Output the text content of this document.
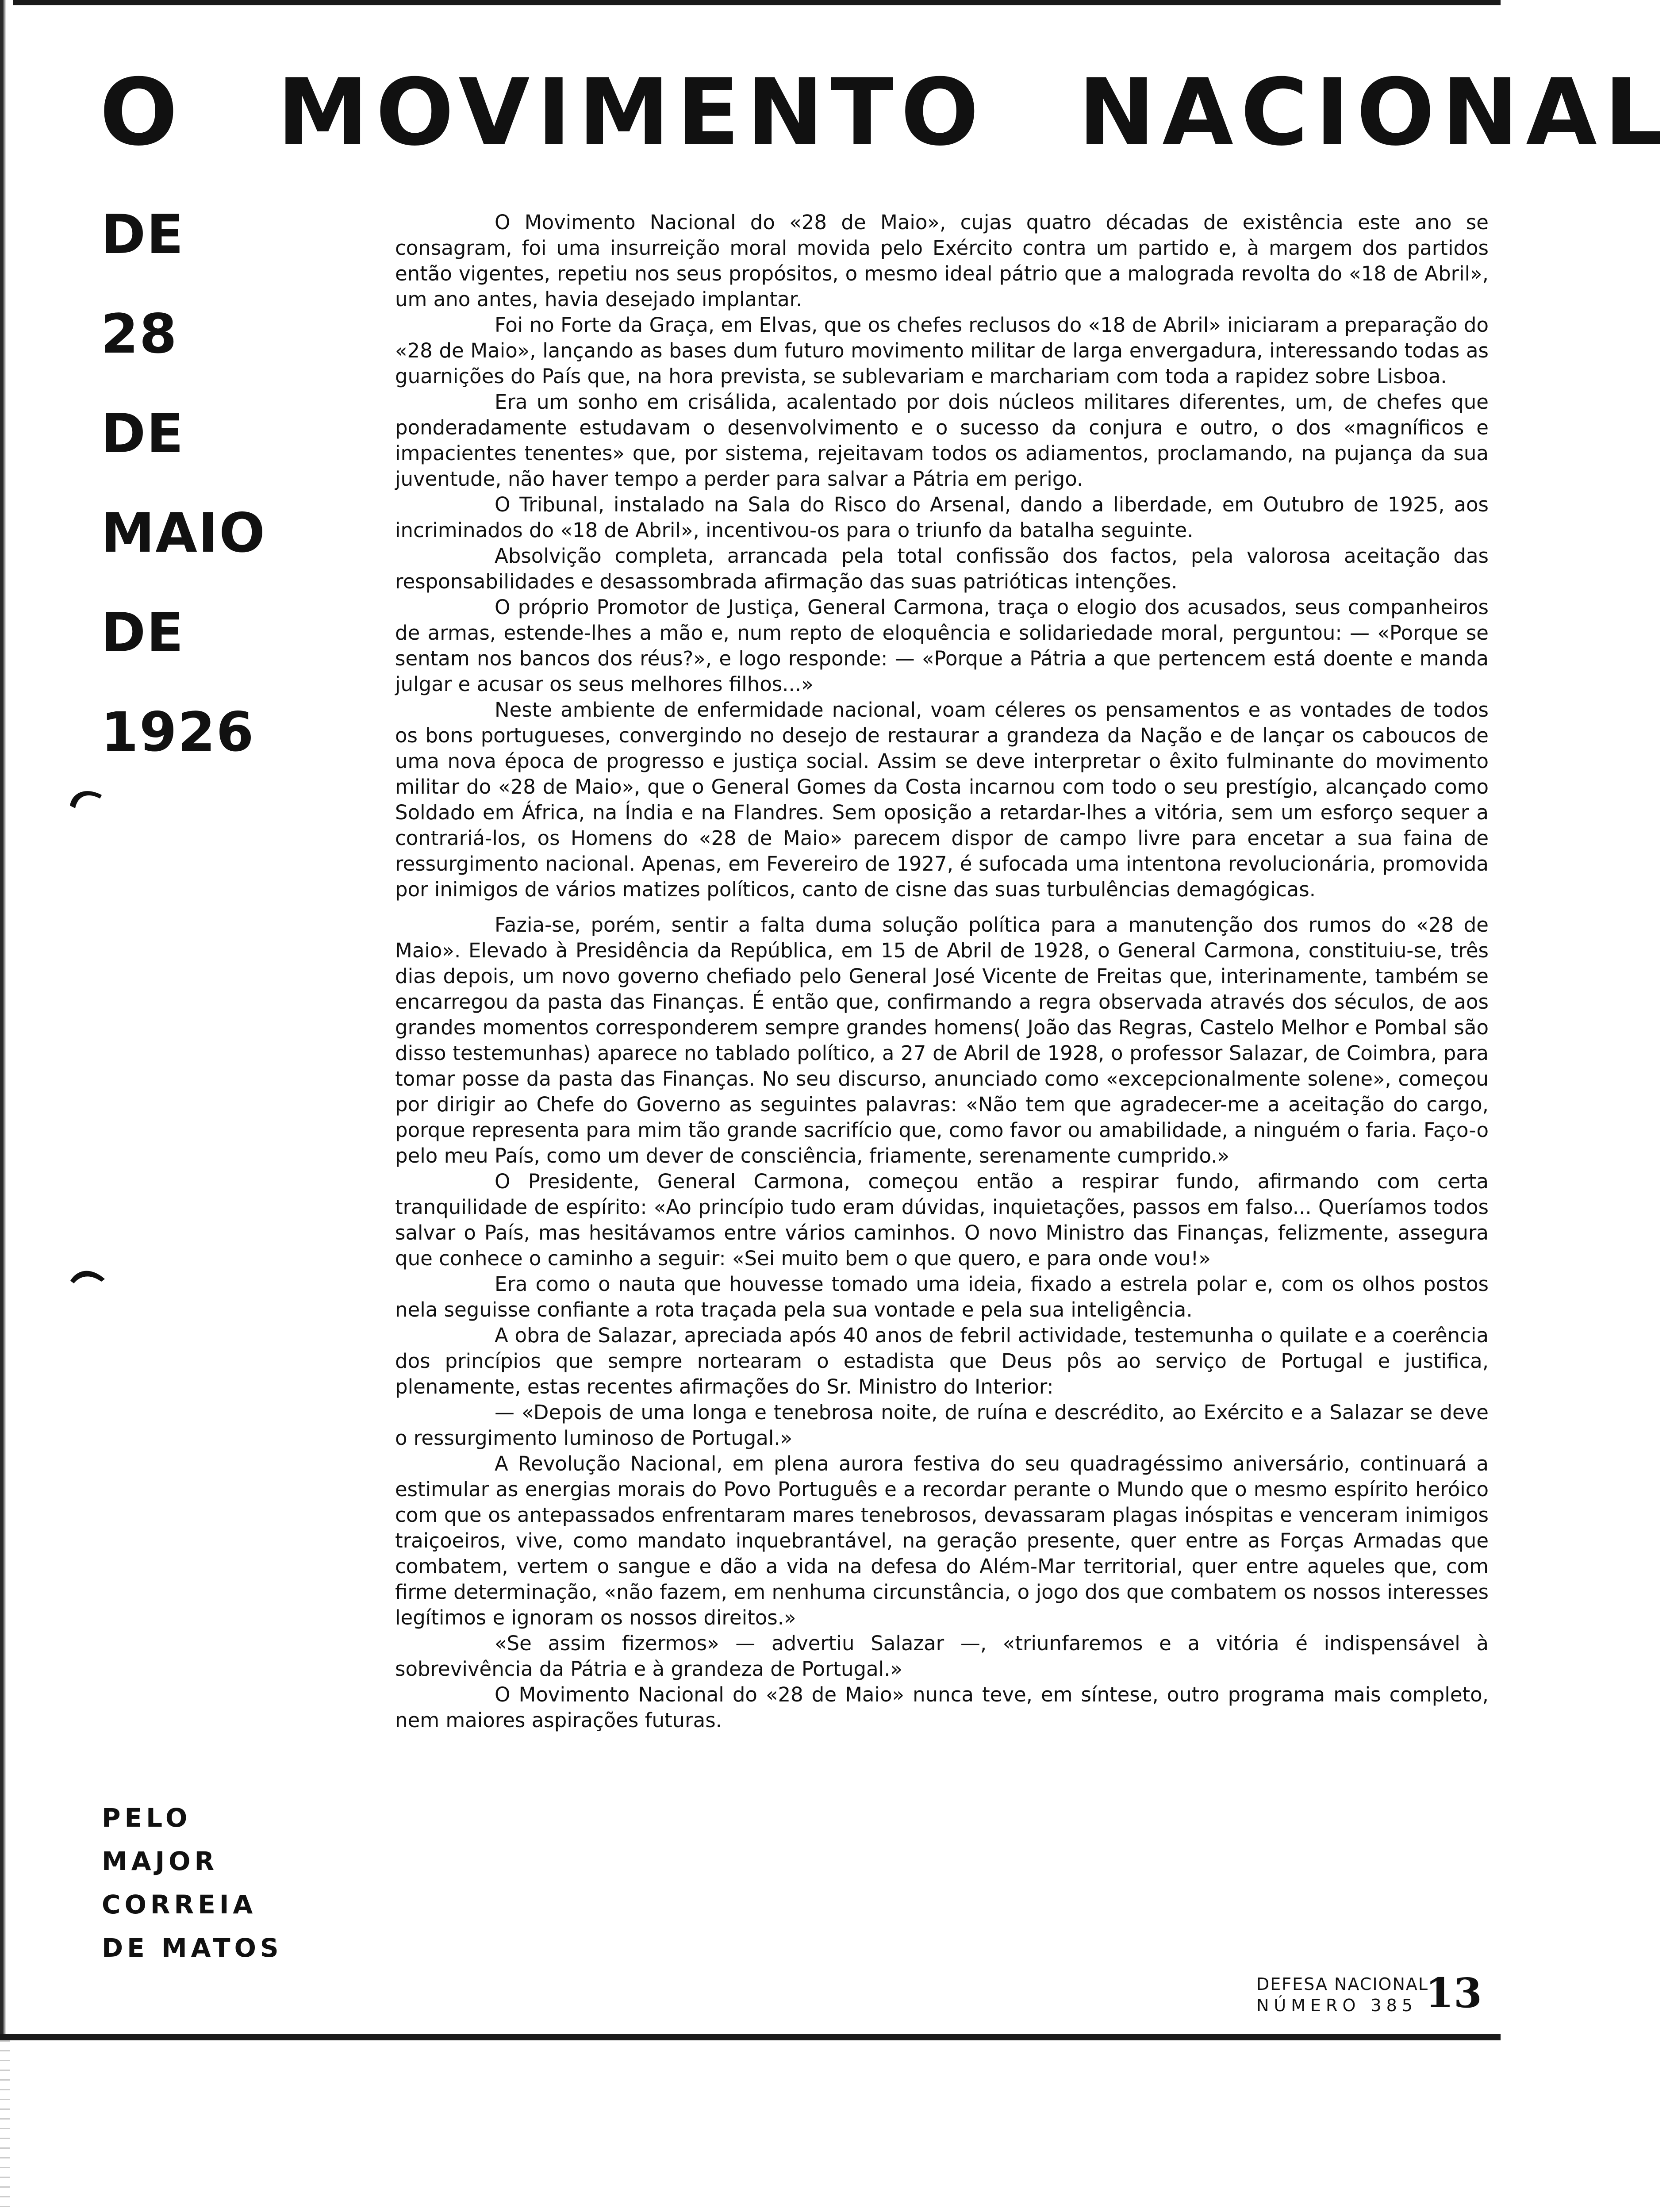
O MOVIMENTO NACIONAL
DE
28
DE
MAIO
DE
1926
PELO
MAJOR
CORREIA
DE MATOS

O Movimento Nacional do «28 de Maio», cujas quatro décadas de existência este ano se consagram, foi uma insurreição moral movida pelo Exército contra um partido e, à margem dos partidos então vigentes, repetiu nos seus propósitos, o mesmo ideal pátrio que a malograda revolta do «18 de Abril», um ano antes, havia desejado implantar.

Foi no Forte da Graça, em Elvas, que os chefes reclusos do «18 de Abril» iniciaram a preparação do «28 de Maio», lançando as bases dum futuro movimento militar de larga envergadura, interessando todas as guarnições do País que, na hora prevista, se sublevariam e marchariam com toda a rapidez sobre Lisboa.

Era um sonho em crisálida, acalentado por dois núcleos militares diferentes, um, de chefes que ponderadamente estudavam o desenvolvimento e o sucesso da conjura e outro, o dos «magníficos e impacientes tenentes» que, por sistema, rejeitavam todos os adiamentos, proclamando, na pujança da sua juventude, não haver tempo a perder para salvar a Pátria em perigo.

O Tribunal, instalado na Sala do Risco do Arsenal, dando a liberdade, em Outubro de 1925, aos incriminados do «18 de Abril», incentivou-os para o triunfo da batalha seguinte.

Absolvição completa, arrancada pela total confissão dos factos, pela valorosa aceitação das responsabilidades e desassombrada afirmação das suas patrióticas intenções.

O próprio Promotor de Justiça, General Carmona, traça o elogio dos acusados, seus companheiros de armas, estende-lhes a mão e, num repto de eloquência e solidariedade moral, perguntou: — «Porque se sentam nos bancos dos réus?», e logo responde: — «Porque a Pátria a que pertencem está doente e manda julgar e acusar os seus melhores filhos...»

Neste ambiente de enfermidade nacional, voam céleres os pensamentos e as vontades de todos os bons portugueses, convergindo no desejo de restaurar a grandeza da Nação e de lançar os caboucos de uma nova época de progresso e justiça social. Assim se deve interpretar o êxito fulminante do movimento militar do «28 de Maio», que o General Gomes da Costa incarnou com todo o seu prestígio, alcançado como Soldado em África, na Índia e na Flandres. Sem oposição a retardar-lhes a vitória, sem um esforço sequer a contrariá-los, os Homens do «28 de Maio» parecem dispor de campo livre para encetar a sua faina de ressurgimento nacional. Apenas, em Fevereiro de 1927, é sufocada uma intentona revolucionária, promovida por inimigos de vários matizes políticos, canto de cisne das suas turbulências demagógicas.

Fazia-se, porém, sentir a falta duma solução política para a manutenção dos rumos do «28 de Maio». Elevado à Presidência da República, em 15 de Abril de 1928, o General Carmona, constituiu-se, três dias depois, um novo governo chefiado pelo General José Vicente de Freitas que, interinamente, também se encarregou da pasta das Finanças. É então que, confirmando a regra observada através dos séculos, de aos grandes momentos corresponderem sempre grandes homens( João das Regras, Castelo Melhor e Pombal são disso testemunhas) aparece no tablado político, a 27 de Abril de 1928, o professor Salazar, de Coimbra, para tomar posse da pasta das Finanças. No seu discurso, anunciado como «excepcionalmente solene», começou por dirigir ao Chefe do Governo as seguintes palavras: «Não tem que agradecer-me a aceitação do cargo, porque representa para mim tão grande sacrifício que, como favor ou amabilidade, a ninguém o faria. Faço-o pelo meu País, como um dever de consciência, friamente, serenamente cumprido.»

O Presidente, General Carmona, começou então a respirar fundo, afirmando com certa tranquilidade de espírito: «Ao princípio tudo eram dúvidas, inquietações, passos em falso... Queríamos todos salvar o País, mas hesitávamos entre vários caminhos. O novo Ministro das Finanças, felizmente, assegura que conhece o caminho a seguir: «Sei muito bem o que quero, e para onde vou!»

Era como o nauta que houvesse tomado uma ideia, fixado a estrela polar e, com os olhos postos nela seguisse confiante a rota traçada pela sua vontade e pela sua inteligência.

A obra de Salazar, apreciada após 40 anos de febril actividade, testemunha o quilate e a coerência dos princípios que sempre nortearam o estadista que Deus pôs ao serviço de Portugal e justifica, plenamente, estas recentes afirmações do Sr. Ministro do Interior:

— «Depois de uma longa e tenebrosa noite, de ruína e descrédito, ao Exército e a Salazar se deve o ressurgimento luminoso de Portugal.»

A Revolução Nacional, em plena aurora festiva do seu quadragéssimo aniversário, continuará a estimular as energias morais do Povo Português e a recordar perante o Mundo que o mesmo espírito heróico com que os antepassados enfrentaram mares tenebrosos, devassaram plagas inóspitas e venceram inimigos traiçoeiros, vive, como mandato inquebrantável, na geração presente, quer entre as Forças Armadas que combatem, vertem o sangue e dão a vida na defesa do Além-Mar territorial, quer entre aqueles que, com firme determinação, «não fazem, em nenhuma circunstância, o jogo dos que combatem os nossos interesses legítimos e ignoram os nossos direitos.»

«Se assim fizermos» — advertiu Salazar —, «triunfaremos e a vitória é indispensável à sobrevivência da Pátria e à grandeza de Portugal.»

O Movimento Nacional do «28 de Maio» nunca teve, em síntese, outro programa mais completo, nem maiores aspirações futuras.

DEFESA NACIONAL
NÚMERO 385 13
